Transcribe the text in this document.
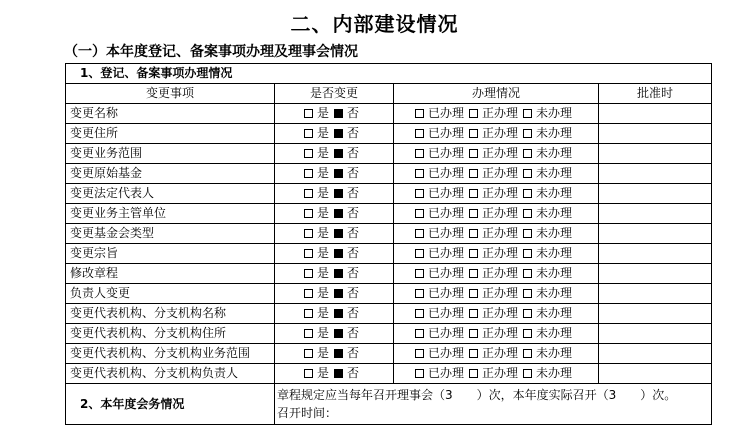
二、内部建设情况
（一）本年度登记、备案事项办理及理事会情况
1、登记、备案事项办理情况			
变更事项	是否变更	办理情况	批准时
变更名称	是 否	已办理 正办理 未办理	
变更住所	是 否	已办理 正办理 未办理	
变更业务范围	是 否	已办理 正办理 未办理	
变更原始基金	是 否	已办理 正办理 未办理	
变更法定代表人	是 否	已办理 正办理 未办理	
变更业务主管单位	是 否	已办理 正办理 未办理	
变更基金会类型	是 否	已办理 正办理 未办理	
变更宗旨	是 否	已办理 正办理 未办理	
修改章程	是 否	已办理 正办理 未办理	
负责人变更	是 否	已办理 正办理 未办理	
变更代表机构、分支机构名称	是 否	已办理 正办理 未办理	
变更代表机构、分支机构住所	是 否	已办理 正办理 未办理	
变更代表机构、分支机构业务范围	是 否	已办理 正办理 未办理	
变更代表机构、分支机构负责人	是 否	已办理 正办理 未办理	
2、本年度会务情况	章程规定应当每年召开理事会（3　　）次，本年度实际召开（3　　）次。
召开时间：		
